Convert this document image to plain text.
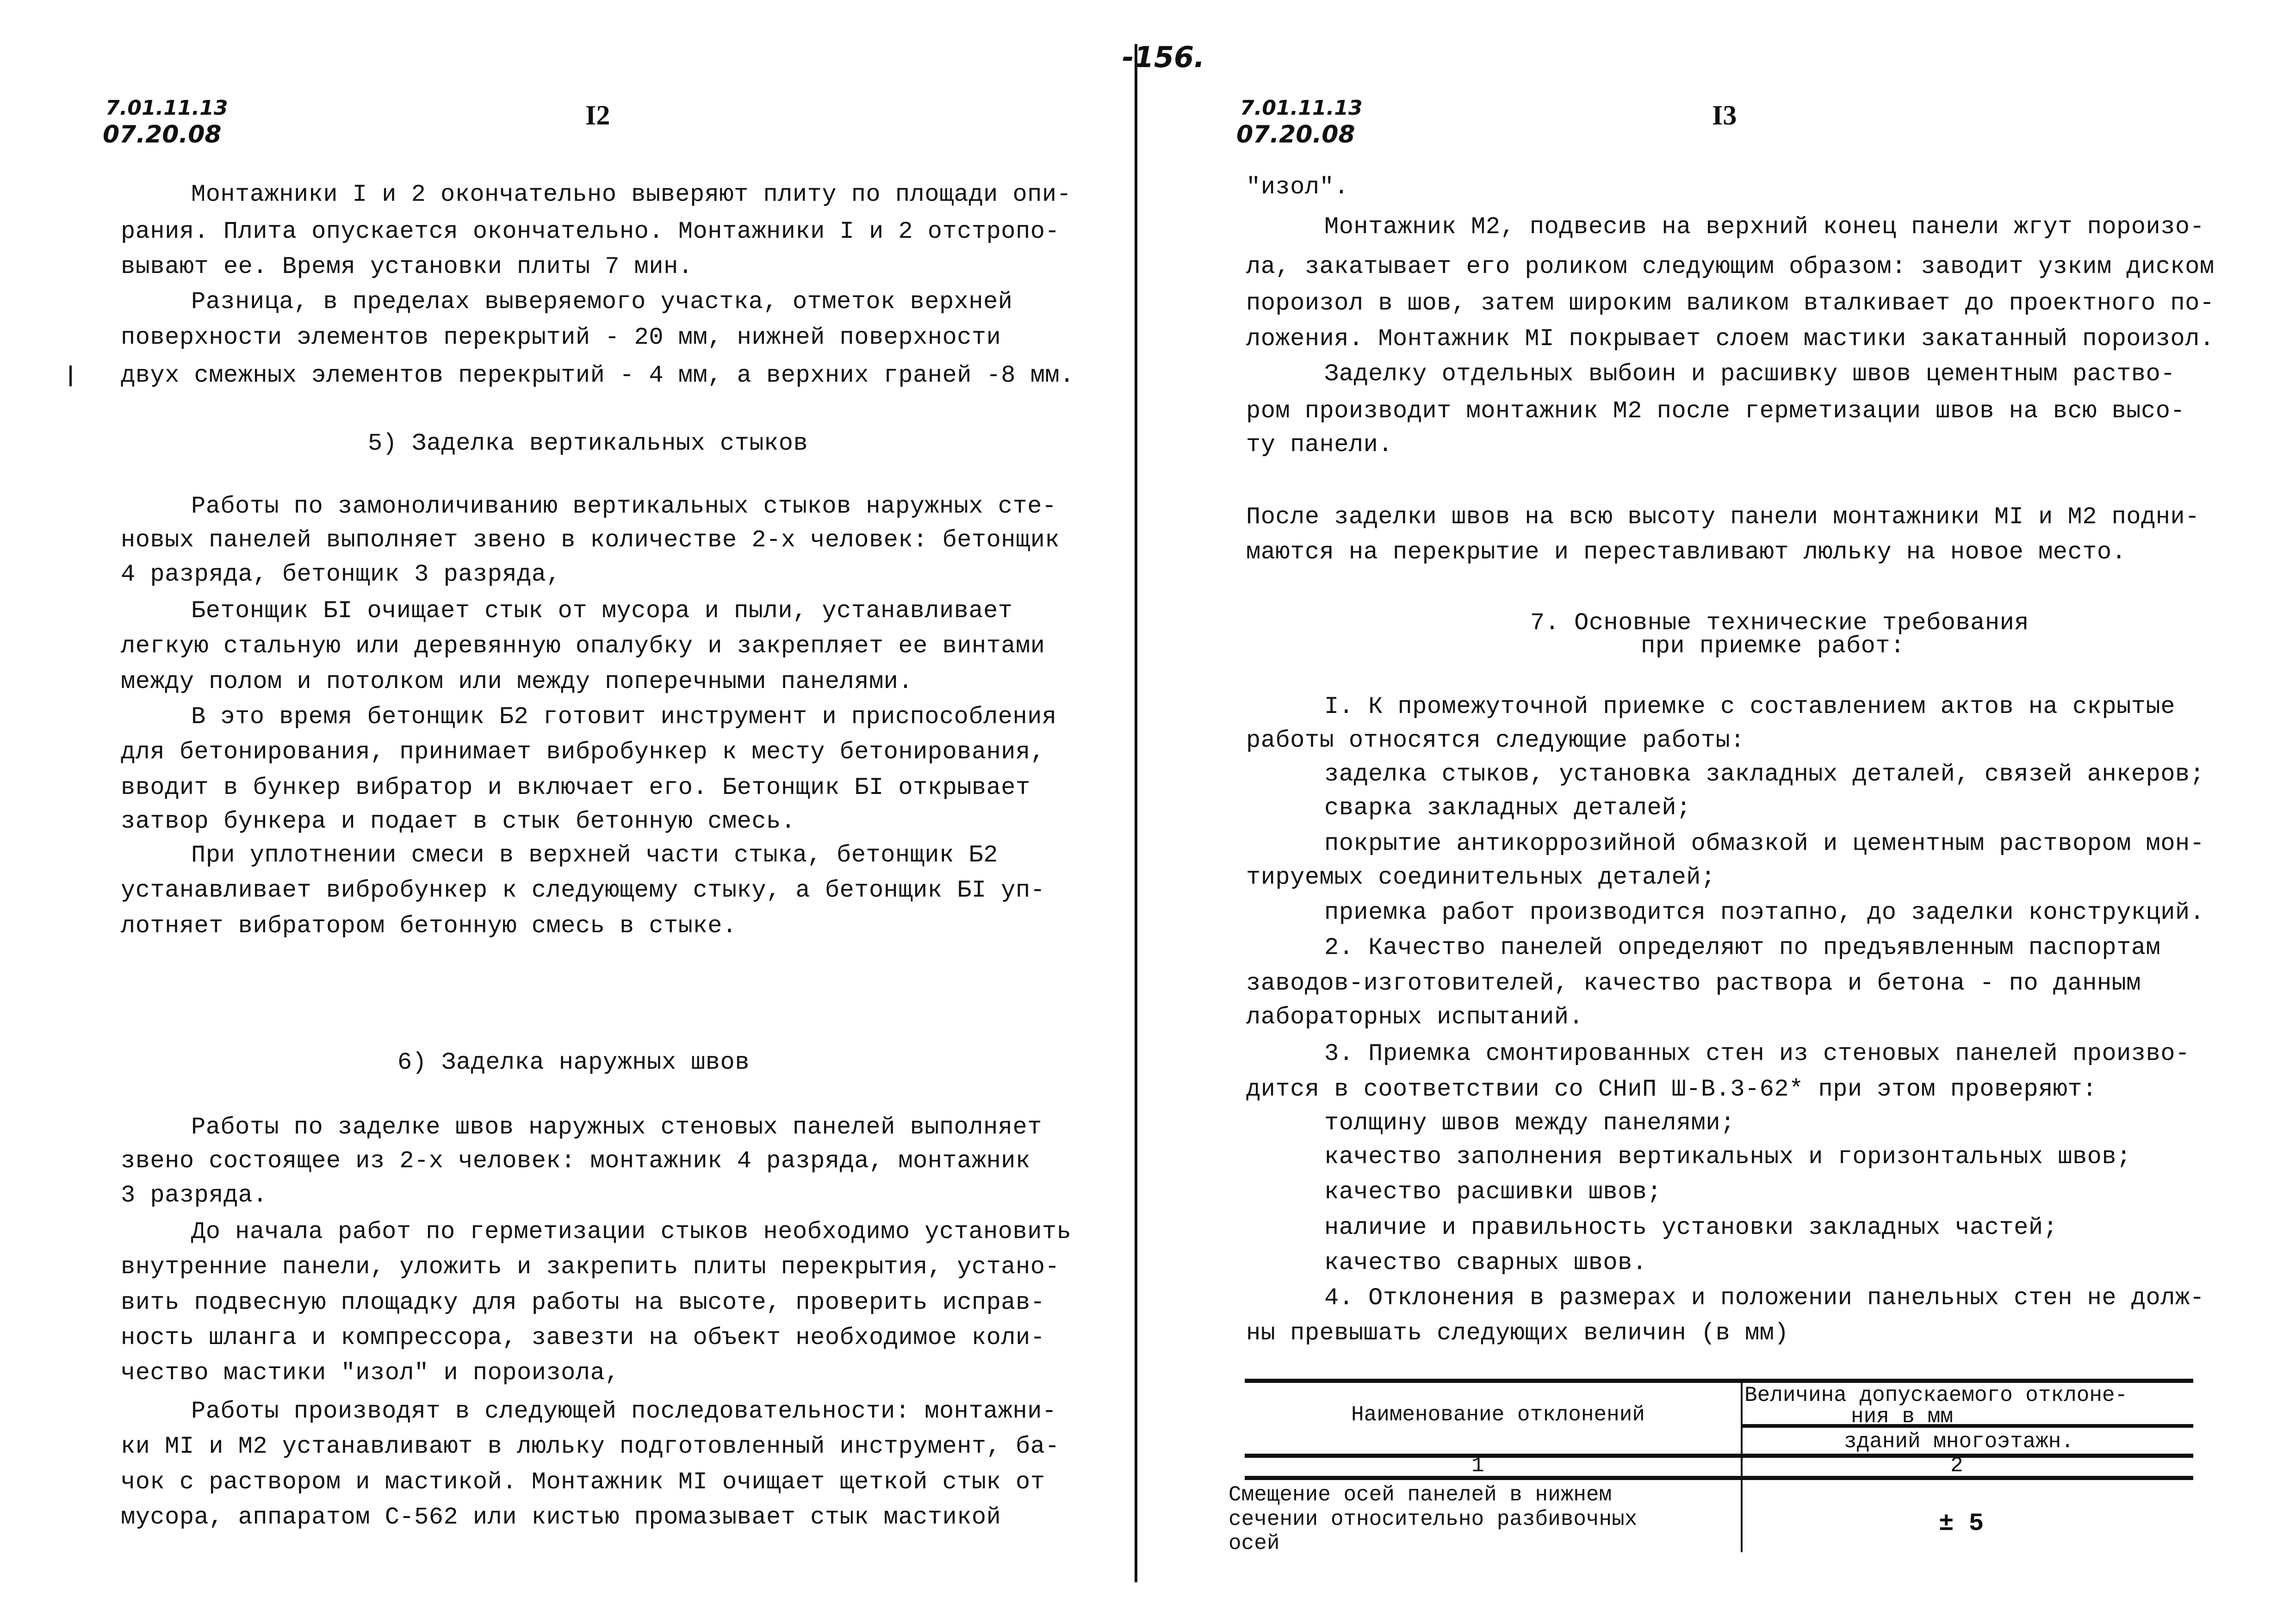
-156.
7.01.11.13
07.20.08
I2	7.01.11.13
07.20.08
I3
Монтажники I и 2 окончательно выверяют плиту по площади опи-
рания. Плита опускается окончательно. Монтажники I и 2 отстропо-
вывают ее. Время установки плиты 7 мин.
Разница, в пределах выверяемого участка, отметок верхней
поверхности элементов перекрытий - 20 мм, нижней поверхности
двух смежных элементов перекрытий - 4 мм, а верхних граней -8 мм.
5) Заделка вертикальных стыков
Работы по замоноличиванию вертикальных стыков наружных сте-
новых панелей выполняет звено в количестве 2-х человек: бетонщик
4 разряда, бетонщик 3 разряда,
Бетонщик БI очищает стык от мусора и пыли, устанавливает
легкую стальную или деревянную опалубку и закрепляет ее винтами
между полом и потолком или между поперечными панелями.
В это время бетонщик Б2 готовит инструмент и приспособления
для бетонирования, принимает вибробункер к месту бетонирования,
вводит в бункер вибратор и включает его. Бетонщик БI открывает
затвор бункера и подает в стык бетонную смесь.
При уплотнении смеси в верхней части стыка, бетонщик Б2
устанавливает вибробункер к следующему стыку, а бетонщик БI уп-
лотняет вибратором бетонную смесь в стыке.
6) Заделка наружных швов
Работы по заделке швов наружных стеновых панелей выполняет
звено состоящее из 2-х человек: монтажник 4 разряда, монтажник
3 разряда.
До начала работ по герметизации стыков необходимо установить
внутренние панели, уложить и закрепить плиты перекрытия, устано-
вить подвесную площадку для работы на высоте, проверить исправ-
ность шланга и компрессора, завезти на объект необходимое коли-
чество мастики "изол" и пороизола,
Работы производят в следующей последовательности: монтажни-
ки МI и М2 устанавливают в люльку подготовленный инструмент, ба-
чок с раствором и мастикой. Монтажник МI очищает щеткой стык от
мусора, аппаратом С-562 или кистью промазывает стык мастикой
"изол".
Монтажник М2, подвесив на верхний конец панели жгут пороизо-
ла, закатывает его роликом следующим образом: заводит узким диском
пороизол в шов, затем широким валиком вталкивает до проектного по-
ложения. Монтажник МI покрывает слоем мастики закатанный пороизол.
Заделку отдельных выбоин и расшивку швов цементным раство-
ром производит монтажник М2 после герметизации швов на всю высо-
ту панели.
После заделки швов на всю высоту панели монтажники МI и М2 подни-
маются на перекрытие и переставливают люльку на новое место.
7. Основные технические требования
при приемке работ:
I. К промежуточной приемке с составлением актов на скрытые
работы относятся следующие работы:
заделка стыков, установка закладных деталей, связей анкеров;
сварка закладных деталей;
покрытие антикоррозийной обмазкой и цементным раствором мон-
тируемых соединительных деталей;
приемка работ производится поэтапно, до заделки конструкций.
2. Качество панелей определяют по предъявленным паспортам
заводов-изготовителей, качество раствора и бетона - по данным
лабораторных испытаний.
3. Приемка смонтированных стен из стеновых панелей произво-
дится в соответствии со СНиП Ш-В.3-62* при этом проверяют:
толщину швов между панелями;
качество заполнения вертикальных и горизонтальных швов;
качество расшивки швов;
наличие и правильность установки закладных частей;
качество сварных швов.
4. Отклонения в размерах и положении панельных стен не долж-
ны превышать следующих величин (в мм)
Наименование отклонений
Величина допускаемого отклоне-
ния в мм
зданий многоэтажн.
1	2
Смещение осей панелей в нижнем
сечении относительно разбивочных
осей
± 5
